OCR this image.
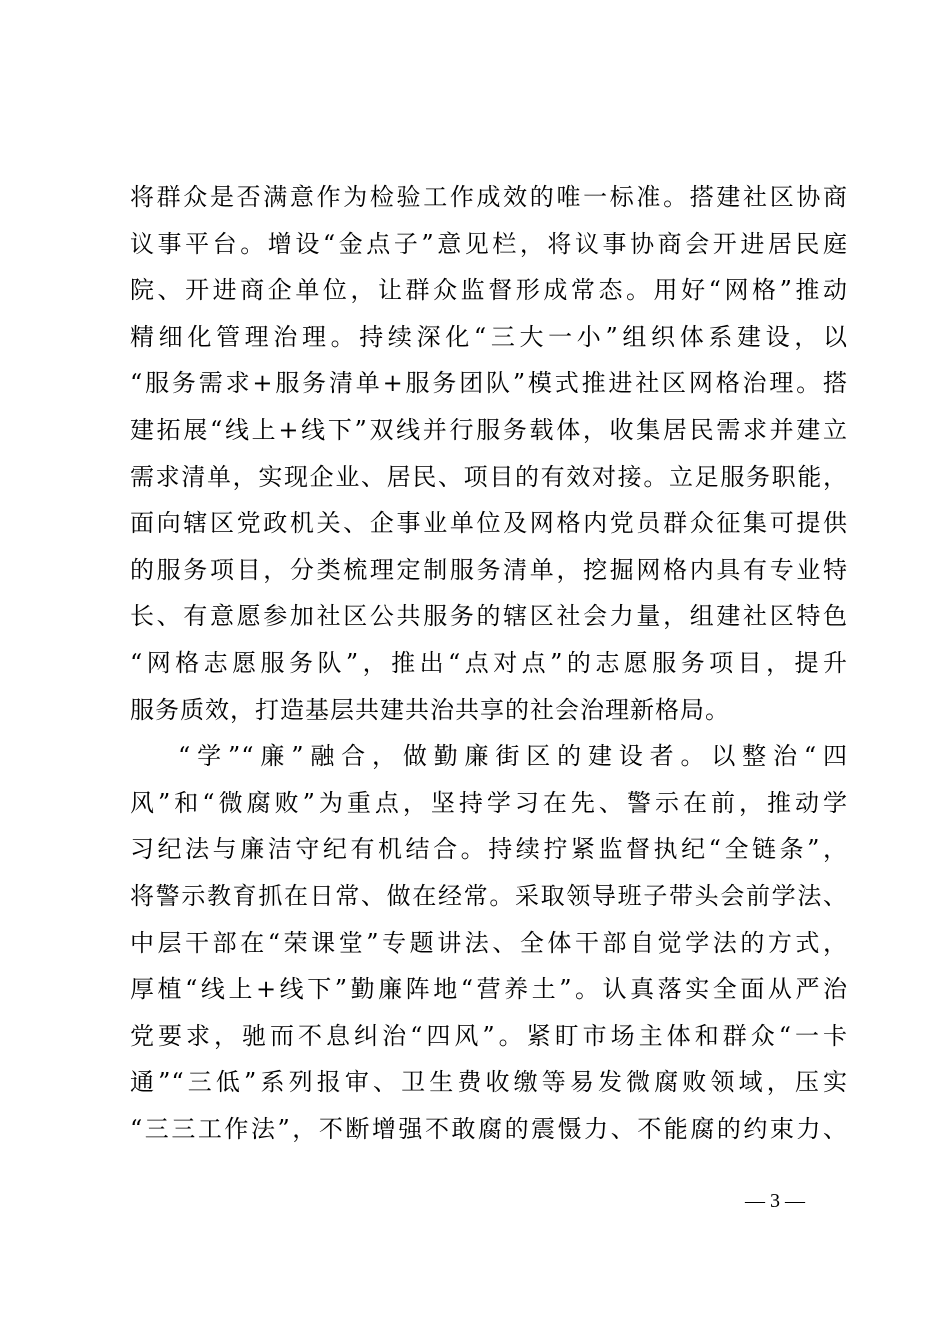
将群众是否满意作为检验工作成效的唯一标准。搭建社区协商
议事平台。增设“金点子”意见栏，将议事协商会开进居民庭
院、开进商企单位，让群众监督形成常态。用好“网格”推动
精细化管理治理。持续深化“三大一小”组织体系建设，以
“服务需求+服务清单+服务团队”模式推进社区网格治理。搭
建拓展“线上+线下”双线并行服务载体，收集居民需求并建立
需求清单，实现企业、居民、项目的有效对接。立足服务职能，
面向辖区党政机关、企事业单位及网格内党员群众征集可提供
的服务项目，分类梳理定制服务清单，挖掘网格内具有专业特
长、有意愿参加社区公共服务的辖区社会力量，组建社区特色
“网格志愿服务队”，推出“点对点”的志愿服务项目，提升
服务质效，打造基层共建共治共享的社会治理新格局。
“学”“廉”融合，做勤廉街区的建设者。以整治“四
风”和“微腐败”为重点，坚持学习在先、警示在前，推动学
习纪法与廉洁守纪有机结合。持续拧紧监督执纪“全链条”，
将警示教育抓在日常、做在经常。采取领导班子带头会前学法、
中层干部在“荣课堂”专题讲法、全体干部自觉学法的方式，
厚植“线上+线下”勤廉阵地“营养土”。认真落实全面从严治
党要求，驰而不息纠治“四风”。紧盯市场主体和群众“一卡
通”“三低”系列报审、卫生费收缴等易发微腐败领域，压实
“三三工作法”，不断增强不敢腐的震慑力、不能腐的约束力、
— 3 —
